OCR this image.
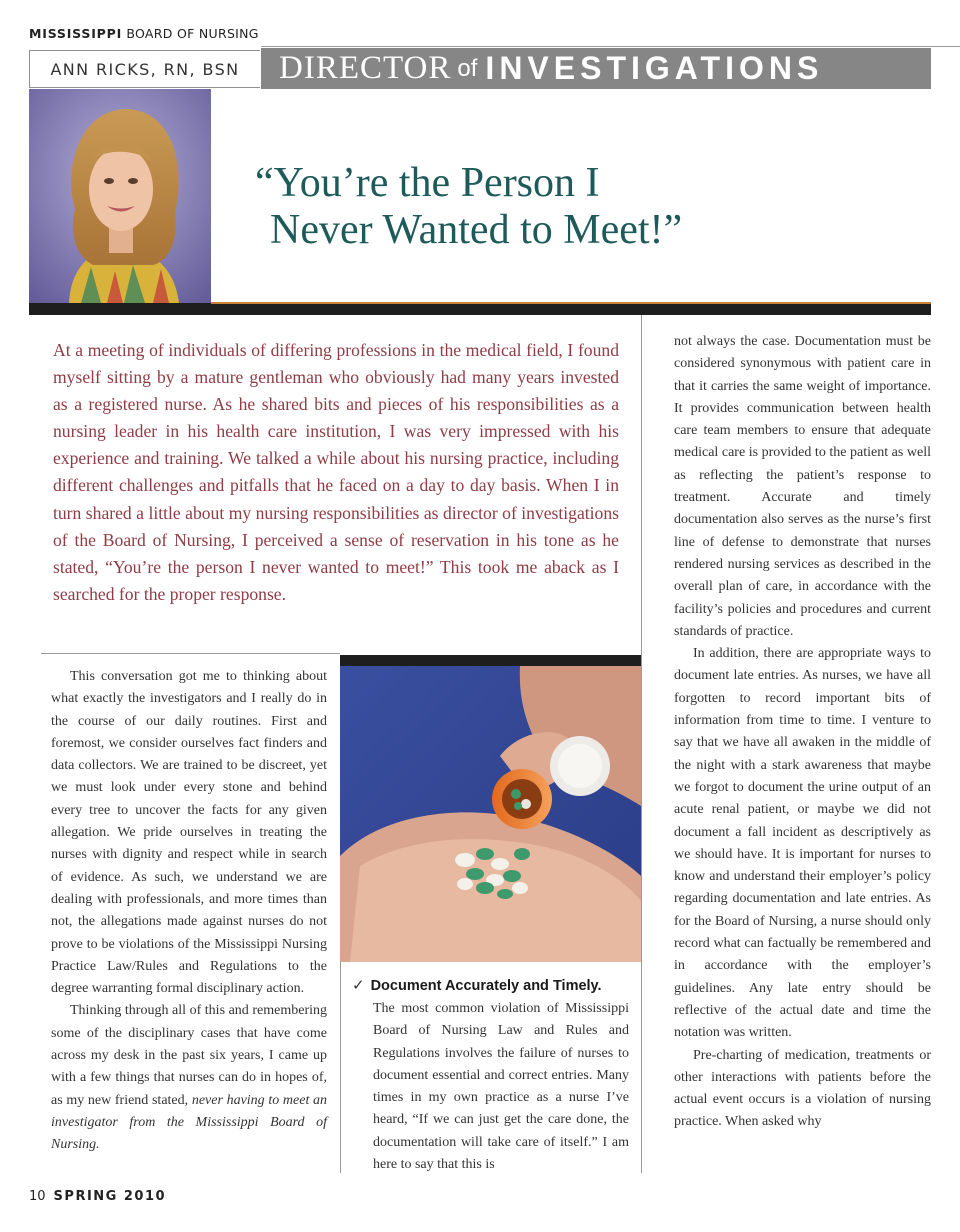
MISSISSIPPI BOARD OF NURSING
ANN RICKS, RN, BSN	DIRECTOR of INVESTIGATIONS
“You’re the Person I
Never Wanted to Meet!”

At a meeting of individuals of differing professions in the medical field, I found myself sitting by a mature gentleman who obviously had many years invested as a registered nurse. As he shared bits and pieces of his responsibilities as a nursing leader in his health care institution, I was very impressed with his experience and training. We talked a while about his nursing practice, including different challenges and pitfalls that he faced on a day to day basis. When I in turn shared a little about my nursing responsibilities as director of investigations of the Board of Nursing, I perceived a sense of reservation in his tone as he stated, “You’re the person I never wanted to meet!” This took me aback as I searched for the proper response.

This conversation got me to thinking about what exactly the investigators and I really do in the course of our daily routines. First and foremost, we consider ourselves fact finders and data collectors. We are trained to be discreet, yet we must look under every stone and behind every tree to uncover the facts for any given allegation. We pride ourselves in treating the nurses with dignity and respect while in search of evidence. As such, we understand we are dealing with professionals, and more times than not, the allegations made against nurses do not prove to be violations of the Mississippi Nursing Practice Law/Rules and Regulations to the degree warranting formal disciplinary action.

Thinking through all of this and remembering some of the disciplinary cases that have come across my desk in the past six years, I came up with a few things that nurses can do in hopes of, as my new friend stated, never having to meet an investigator from the Mississippi Board of Nursing.

✓ Document Accurately and Timely.

The most common violation of Mississippi Board of Nursing Law and Rules and Regulations involves the failure of nurses to document essential and correct entries. Many times in my own practice as a nurse I’ve heard, “If we can just get the care done, the documentation will take care of itself.” I am here to say that this is

not always the case. Documentation must be considered synonymous with patient care in that it carries the same weight of importance. It provides communication between health care team members to ensure that adequate medical care is provided to the patient as well as reflecting the patient’s response to treatment. Accurate and timely documentation also serves as the nurse’s first line of defense to demonstrate that nurses rendered nursing services as described in the overall plan of care, in accordance with the facility’s policies and procedures and current standards of practice.

In addition, there are appropriate ways to document late entries. As nurses, we have all forgotten to record important bits of information from time to time. I venture to say that we have all awaken in the middle of the night with a stark awareness that maybe we forgot to document the urine output of an acute renal patient, or maybe we did not document a fall incident as descriptively as we should have. It is important for nurses to know and understand their employer’s policy regarding documentation and late entries. As for the Board of Nursing, a nurse should only record what can factually be remembered and in accordance with the employer’s guidelines. Any late entry should be reflective of the actual date and time the notation was written.

Pre-charting of medication, treatments or other interactions with patients before the actual event occurs is a violation of nursing practice. When asked why

10 SPRING 2010
